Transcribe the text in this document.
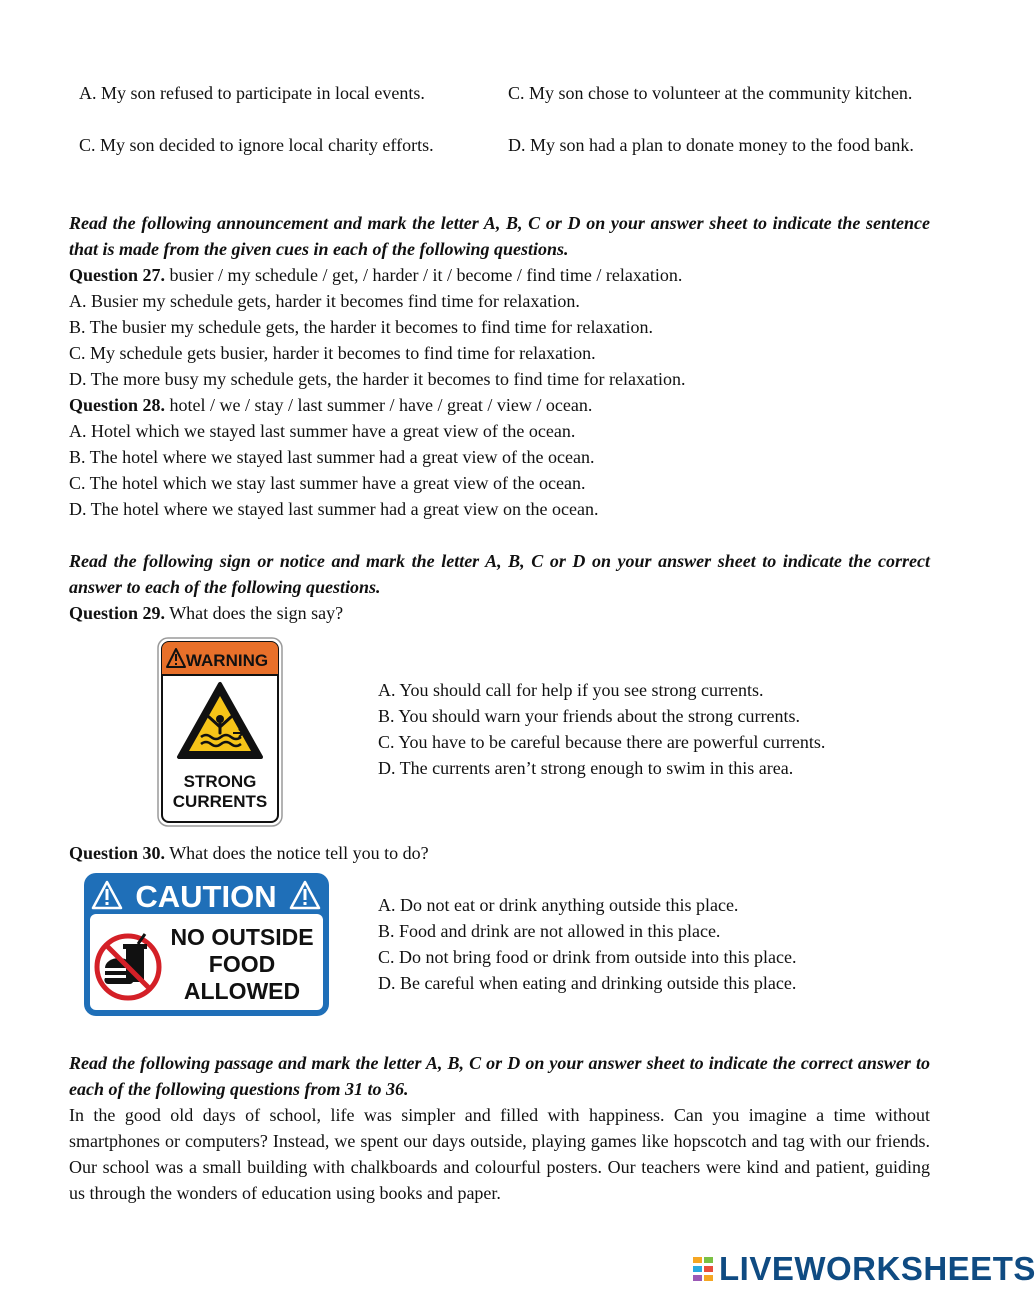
A. My son refused to participate in local events.	C. My son chose to volunteer at the community kitchen.
C. My son decided to ignore local charity efforts.	D. My son had a plan to donate money to the food bank.
Read the following announcement and mark the letter A, B, C or D on your answer sheet to indicate the sentence that is made from the given cues in each of the following questions.
Question 27. busier / my schedule / get, / harder / it / become / find time / relaxation.
A. Busier my schedule gets, harder it becomes find time for relaxation.
B. The busier my schedule gets, the harder it becomes to find time for relaxation.
C. My schedule gets busier, harder it becomes to find time for relaxation.
D. The more busy my schedule gets, the harder it becomes to find time for relaxation.
Question 28. hotel / we / stay / last summer / have / great / view / ocean.
A. Hotel which we stayed last summer have a great view of the ocean.
B. The hotel where we stayed last summer had a great view of the ocean.
C. The hotel which we stay last summer have a great view of the ocean.
D. The hotel where we stayed last summer had a great view on the ocean.
Read the following sign or notice and mark the letter A, B, C or D on your answer sheet to indicate the correct answer to each of the following questions.
Question 29. What does the sign say?
STRONG
CURRENTS
WARNING
A. You should call for help if you see strong currents.
B. You should warn your friends about the strong currents.
C. You have to be careful because there are powerful currents.
D. The currents aren’t strong enough to swim in this area.
Question 30. What does the notice tell you to do?
CAUTION
NO OUTSIDE
FOOD
ALLOWED
A. Do not eat or drink anything outside this place.
B. Food and drink are not allowed in this place.
C. Do not bring food or drink from outside into this place.
D. Be careful when eating and drinking outside this place.
Read the following passage and mark the letter A, B, C or D on your answer sheet to indicate the correct answer to each of the following questions from 31 to 36.
In the good old days of school, life was simpler and filled with happiness. Can you imagine a time without smartphones or computers? Instead, we spent our days outside, playing games like hopscotch and tag with our friends. Our school was a small building with chalkboards and colourful posters. Our teachers were kind and patient, guiding us through the wonders of education using books and paper.
LIVEWORKSHEETS
